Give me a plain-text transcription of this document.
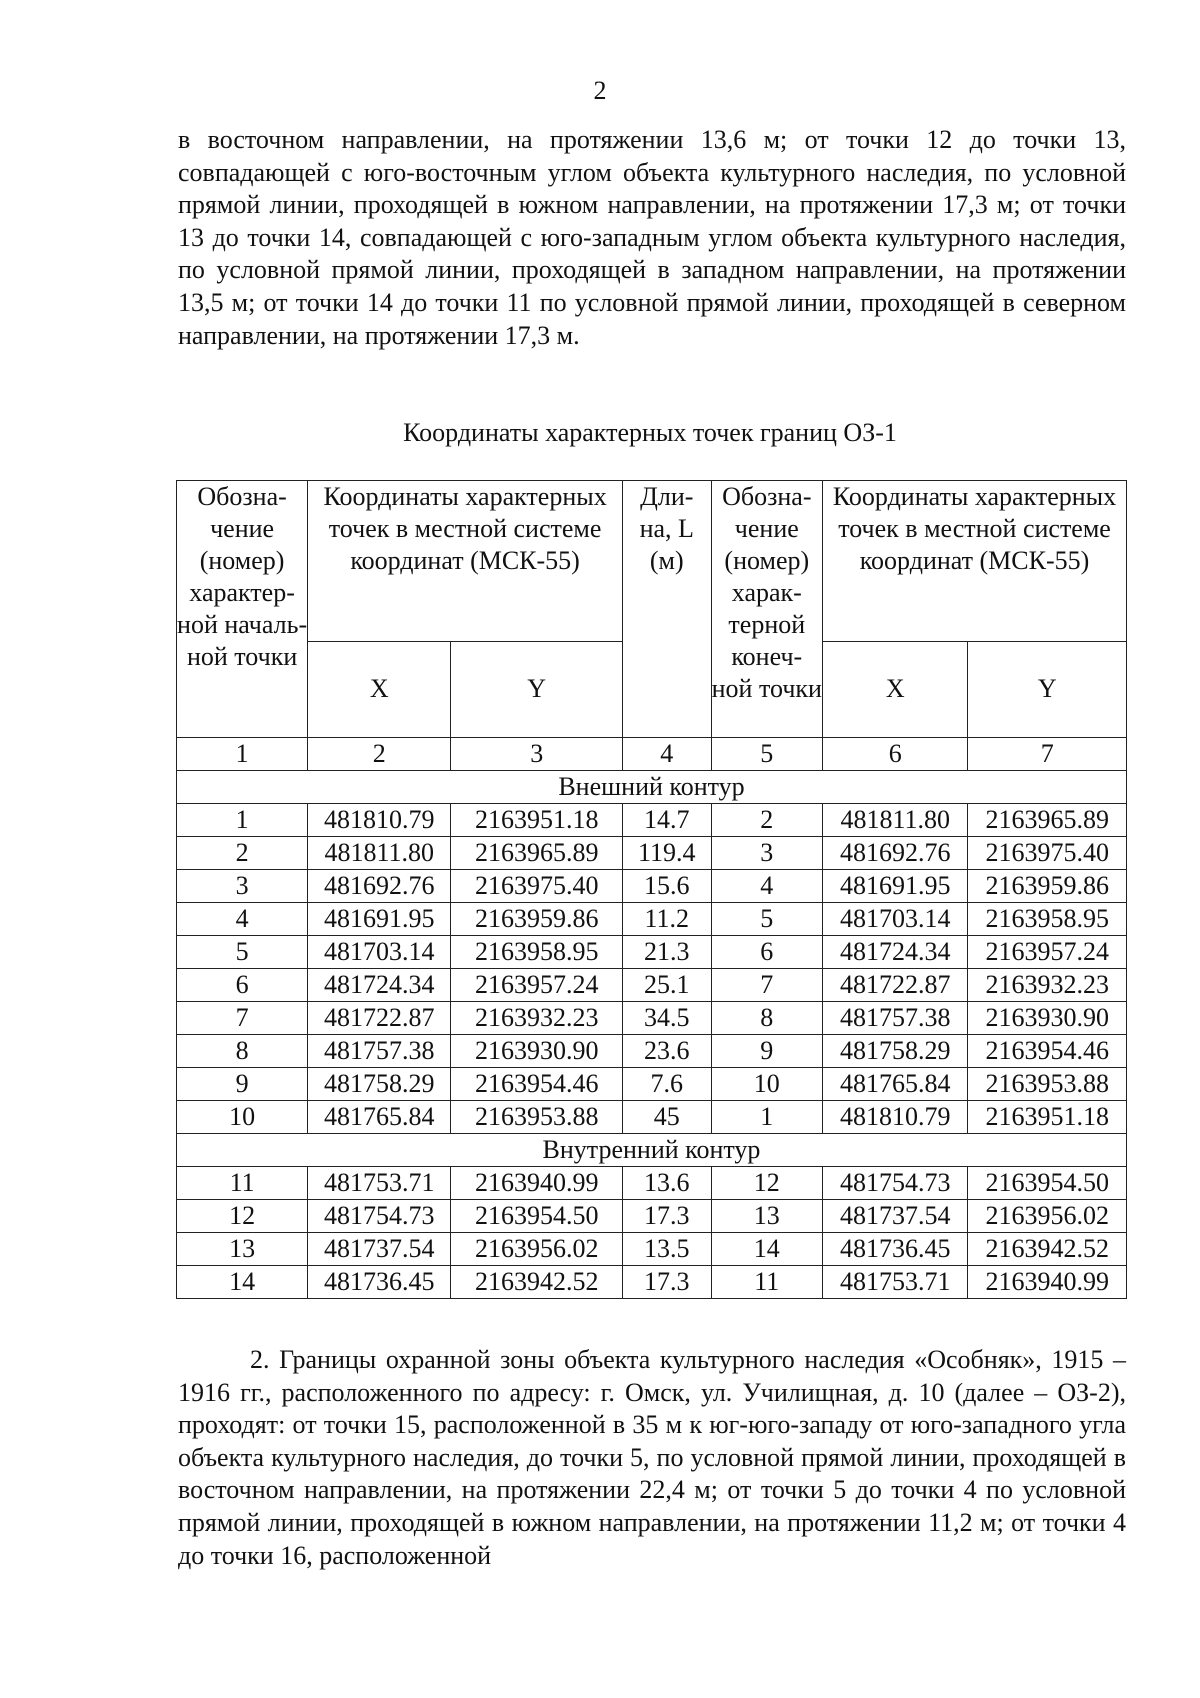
2

в восточном направлении, на протяжении 13,6 м; от точки 12 до точки 13, совпадающей с юго-восточным углом объекта культурного наследия, по условной прямой линии, проходящей в южном направлении, на протяжении 17,3 м; от точки 13 до точки 14, совпадающей с юго-западным углом объекта культурного наследия, по условной прямой линии, проходящей в западном направлении, на протяжении 13,5 м; от точки 14 до точки 11 по условной прямой линии, проходящей в северном направлении, на протяжении 17,3 м.

Координаты характерных точек границ ОЗ-1
Обозна- чение (номер) характер- ной началь- ной точки	Координаты характерных точек в местной системе координат (МСК-55)		Дли- на, L (м)	Обозна- чение (номер) харак- терной конеч- ной точки	Координаты характерных точек в местной системе координат (МСК-55)	
	X	Y			X	Y
1	2	3	4	5	6	7
Внешний контур						
1	481810.79	2163951.18	14.7	2	481811.80	2163965.89
2	481811.80	2163965.89	119.4	3	481692.76	2163975.40
3	481692.76	2163975.40	15.6	4	481691.95	2163959.86
4	481691.95	2163959.86	11.2	5	481703.14	2163958.95
5	481703.14	2163958.95	21.3	6	481724.34	2163957.24
6	481724.34	2163957.24	25.1	7	481722.87	2163932.23
7	481722.87	2163932.23	34.5	8	481757.38	2163930.90
8	481757.38	2163930.90	23.6	9	481758.29	2163954.46
9	481758.29	2163954.46	7.6	10	481765.84	2163953.88
10	481765.84	2163953.88	45	1	481810.79	2163951.18
Внутренний контур						
11	481753.71	2163940.99	13.6	12	481754.73	2163954.50
12	481754.73	2163954.50	17.3	13	481737.54	2163956.02
13	481737.54	2163956.02	13.5	14	481736.45	2163942.52
14	481736.45	2163942.52	17.3	11	481753.71	2163940.99

2. Границы охранной зоны объекта культурного наследия «Особняк», 1915 – 1916 гг., расположенного по адресу: г. Омск, ул. Училищная, д. 10 (далее – ОЗ-2), проходят: от точки 15, расположенной в 35 м к юг-юго-западу от юго-западного угла объекта культурного наследия, до точки 5, по условной прямой линии, проходящей в восточном направлении, на протяжении 22,4 м; от точки 5 до точки 4 по условной прямой линии, проходящей в южном направлении, на протяжении 11,2 м; от точки 4 до точки 16, расположенной
